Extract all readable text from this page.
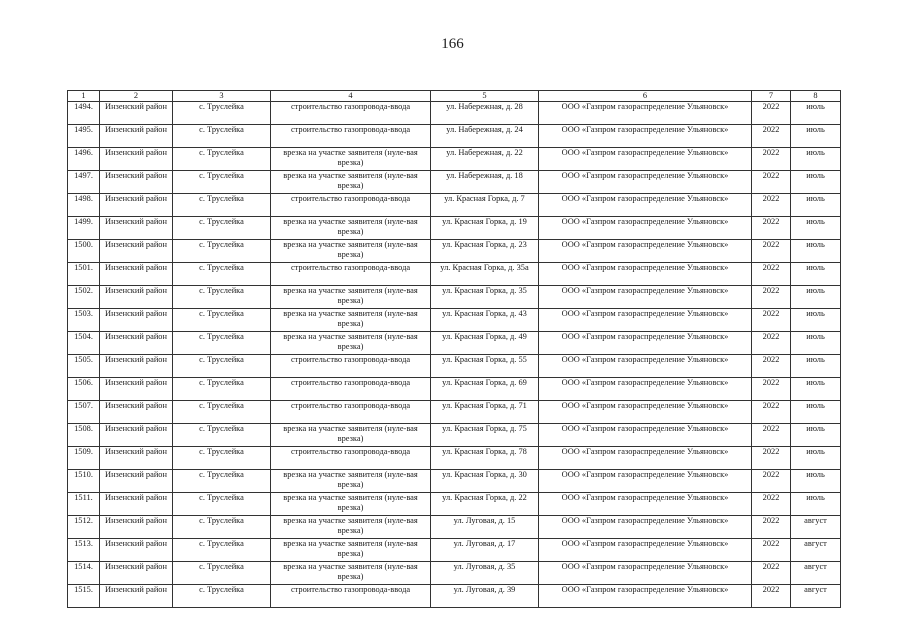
166
1	2	3	4	5	6	7	8
1494.	Инзенский район	с. Труслейка	строительство газопровода-ввода	ул. Набережная, д. 28	ООО «Газпром газораспределение Ульяновск»	2022	июль
1495.	Инзенский район	с. Труслейка	строительство газопровода-ввода	ул. Набережная, д. 24	ООО «Газпром газораспределение Ульяновск»	2022	июль
1496.	Инзенский район	с. Труслейка	врезка на участке заявителя (нуле-вая врезка)	ул. Набережная, д. 22	ООО «Газпром газораспределение Ульяновск»	2022	июль
1497.	Инзенский район	с. Труслейка	врезка на участке заявителя (нуле-вая врезка)	ул. Набережная, д. 18	ООО «Газпром газораспределение Ульяновск»	2022	июль
1498.	Инзенский район	с. Труслейка	строительство газопровода-ввода	ул. Красная Горка, д. 7	ООО «Газпром газораспределение Ульяновск»	2022	июль
1499.	Инзенский район	с. Труслейка	врезка на участке заявителя (нуле-вая врезка)	ул. Красная Горка, д. 19	ООО «Газпром газораспределение Ульяновск»	2022	июль
1500.	Инзенский район	с. Труслейка	врезка на участке заявителя (нуле-вая врезка)	ул. Красная Горка, д. 23	ООО «Газпром газораспределение Ульяновск»	2022	июль
1501.	Инзенский район	с. Труслейка	строительство газопровода-ввода	ул. Красная Горка, д. 35а	ООО «Газпром газораспределение Ульяновск»	2022	июль
1502.	Инзенский район	с. Труслейка	врезка на участке заявителя (нуле-вая врезка)	ул. Красная Горка, д. 35	ООО «Газпром газораспределение Ульяновск»	2022	июль
1503.	Инзенский район	с. Труслейка	врезка на участке заявителя (нуле-вая врезка)	ул. Красная Горка, д. 43	ООО «Газпром газораспределение Ульяновск»	2022	июль
1504.	Инзенский район	с. Труслейка	врезка на участке заявителя (нуле-вая врезка)	ул. Красная Горка, д. 49	ООО «Газпром газораспределение Ульяновск»	2022	июль
1505.	Инзенский район	с. Труслейка	строительство газопровода-ввода	ул. Красная Горка, д. 55	ООО «Газпром газораспределение Ульяновск»	2022	июль
1506.	Инзенский район	с. Труслейка	строительство газопровода-ввода	ул. Красная Горка, д. 69	ООО «Газпром газораспределение Ульяновск»	2022	июль
1507.	Инзенский район	с. Труслейка	строительство газопровода-ввода	ул. Красная Горка, д. 71	ООО «Газпром газораспределение Ульяновск»	2022	июль
1508.	Инзенский район	с. Труслейка	врезка на участке заявителя (нуле-вая врезка)	ул. Красная Горка, д. 75	ООО «Газпром газораспределение Ульяновск»	2022	июль
1509.	Инзенский район	с. Труслейка	строительство газопровода-ввода	ул. Красная Горка, д. 78	ООО «Газпром газораспределение Ульяновск»	2022	июль
1510.	Инзенский район	с. Труслейка	врезка на участке заявителя (нуле-вая врезка)	ул. Красная Горка, д. 30	ООО «Газпром газораспределение Ульяновск»	2022	июль
1511.	Инзенский район	с. Труслейка	врезка на участке заявителя (нуле-вая врезка)	ул. Красная Горка, д. 22	ООО «Газпром газораспределение Ульяновск»	2022	июль
1512.	Инзенский район	с. Труслейка	врезка на участке заявителя (нуле-вая врезка)	ул. Луговая, д. 15	ООО «Газпром газораспределение Ульяновск»	2022	август
1513.	Инзенский район	с. Труслейка	врезка на участке заявителя (нуле-вая врезка)	ул. Луговая, д. 17	ООО «Газпром газораспределение Ульяновск»	2022	август
1514.	Инзенский район	с. Труслейка	врезка на участке заявителя (нуле-вая врезка)	ул. Луговая, д. 35	ООО «Газпром газораспределение Ульяновск»	2022	август
1515.	Инзенский район	с. Труслейка	строительство газопровода-ввода	ул. Луговая, д. 39	ООО «Газпром газораспределение Ульяновск»	2022	август
